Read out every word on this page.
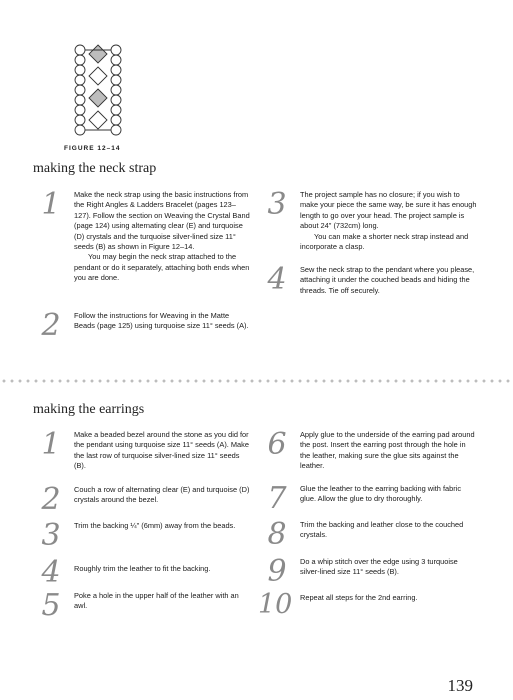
FIGURE 12–14
making the neck strap
1	Make the neck strap using the basic instructions from the Right Angles & Ladders Bracelet (pages 123–127). Follow the section on Weaving the Crystal Band (page 124) using alternating clear (E) and turquoise (D) crystals and the turquoise silver-lined size 11° seeds (B) as shown in Figure 12–14.

You may begin the neck strap attached to the pendant or do it separately, attaching both ends when you are done.

2	Follow the instructions for Weaving in the Matte Beads (page 125) using turquoise size 11° seeds (A).

3	The project sample has no closure; if you wish to make your piece the same way, be sure it has enough length to go over your head. The project sample is about 24" (732cm) long.

You can make a shorter neck strap instead and incorporate a clasp.

4	Sew the neck strap to the pendant where you please, attaching it under the couched beads and hiding the threads. Tie off securely.

making the earrings
1	Make a beaded bezel around the stone as you did for the pendant using turquoise size 11° seeds (A). Make the last row of turquoise silver-lined size 11° seeds (B).

2	Couch a row of alternating clear (E) and turquoise (D) crystals around the bezel.

3	Trim the backing ¼" (6mm) away from the beads.

4	Roughly trim the leather to fit the backing.

5	Poke a hole in the upper half of the leather with an awl.

6	Apply glue to the underside of the earring pad around the post. Insert the earring post through the hole in the leather, making sure the glue sits against the leather.

7	Glue the leather to the earring backing with fabric glue. Allow the glue to dry thoroughly.

8	Trim the backing and leather close to the couched crystals.

9	Do a whip stitch over the edge using 3 turquoise silver-lined size 11° seeds (B).

10 Repeat all steps for the 2nd earring.

139
